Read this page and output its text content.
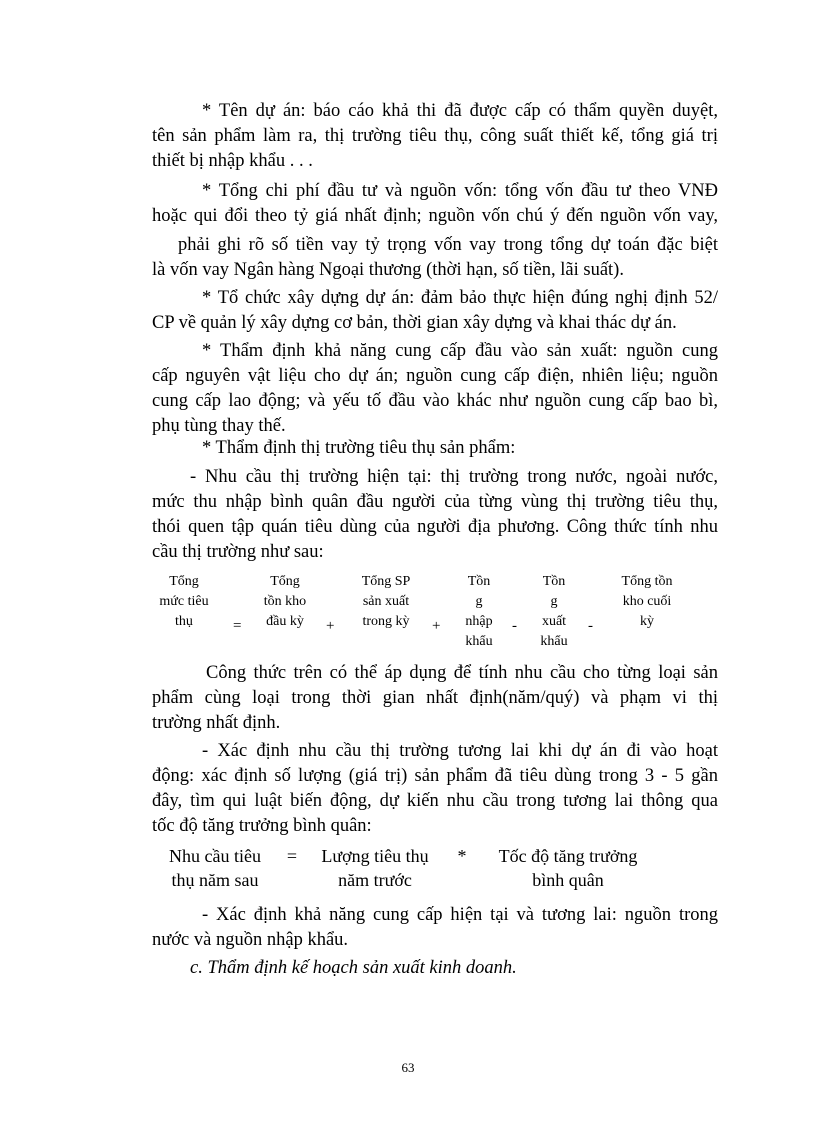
* Tên dự án: báo cáo khả thi đã được cấp có thẩm quyền duyệt,
tên sản phẩm làm ra, thị trường tiêu thụ, công suất thiết kế, tổng giá trị
thiết bị nhập khẩu . . .
* Tổng chi phí đầu tư và nguồn vốn: tổng vốn đầu tư theo VNĐ
hoặc qui đổi theo tỷ giá nhất định; nguồn vốn chú ý đến nguồn vốn vay,
phải ghi rõ số tiền vay tỷ trọng vốn vay trong tổng dự toán đặc biệt
là vốn vay Ngân hàng Ngoại thương (thời hạn, số tiền, lãi suất).
* Tổ chức xây dựng dự án: đảm bảo thực hiện đúng nghị định 52/
CP về quản lý xây dựng cơ bản, thời gian xây dựng và khai thác dự án.
* Thẩm định khả năng cung cấp đầu vào sản xuất: nguồn cung
cấp nguyên vật liệu cho dự án; nguồn cung cấp điện, nhiên liệu; nguồn
cung cấp lao động; và yếu tố đầu vào khác như nguồn cung cấp bao bì,
phụ tùng thay thế.
* Thẩm định thị trường tiêu thụ sản phẩm:
- Nhu cầu thị trường hiện tại: thị trường trong nước, ngoài nước,
mức thu nhập bình quân đầu người của từng vùng thị trường tiêu thụ,
thói quen tập quán tiêu dùng của người địa phương. Công thức tính nhu
cầu thị trường như sau:
Tổng
mức tiêu
thụ	=
Tổng
tồn kho
đầu kỳ	+
Tổng SP
sản xuất
trong kỳ	+
Tồn
g
nhập
khẩu
-
Tồn
g
xuất
khẩu
-
Tổng tồn
kho cuối
kỳ
Công thức trên có thể áp dụng để tính nhu cầu cho từng loại sản
phẩm cùng loại trong thời gian nhất định(năm/quý) và phạm vi thị
trường nhất định.
- Xác định nhu cầu thị trường tương lai khi dự án đi vào hoạt
động: xác định số lượng (giá trị) sản phẩm đã tiêu dùng trong 3 - 5 gần
đây, tìm qui luật biến động, dự kiến nhu cầu trong tương lai thông qua
tốc độ tăng trưởng bình quân:
Nhu cầu tiêu
thụ năm sau
=	Lượng tiêu thụ
năm trước
*	Tốc độ tăng trưởng
bình quân
- Xác định khả năng cung cấp hiện tại và tương lai: nguồn trong
nước và nguồn nhập khẩu.
c. Thẩm định kế hoạch sản xuất kinh doanh.
63
